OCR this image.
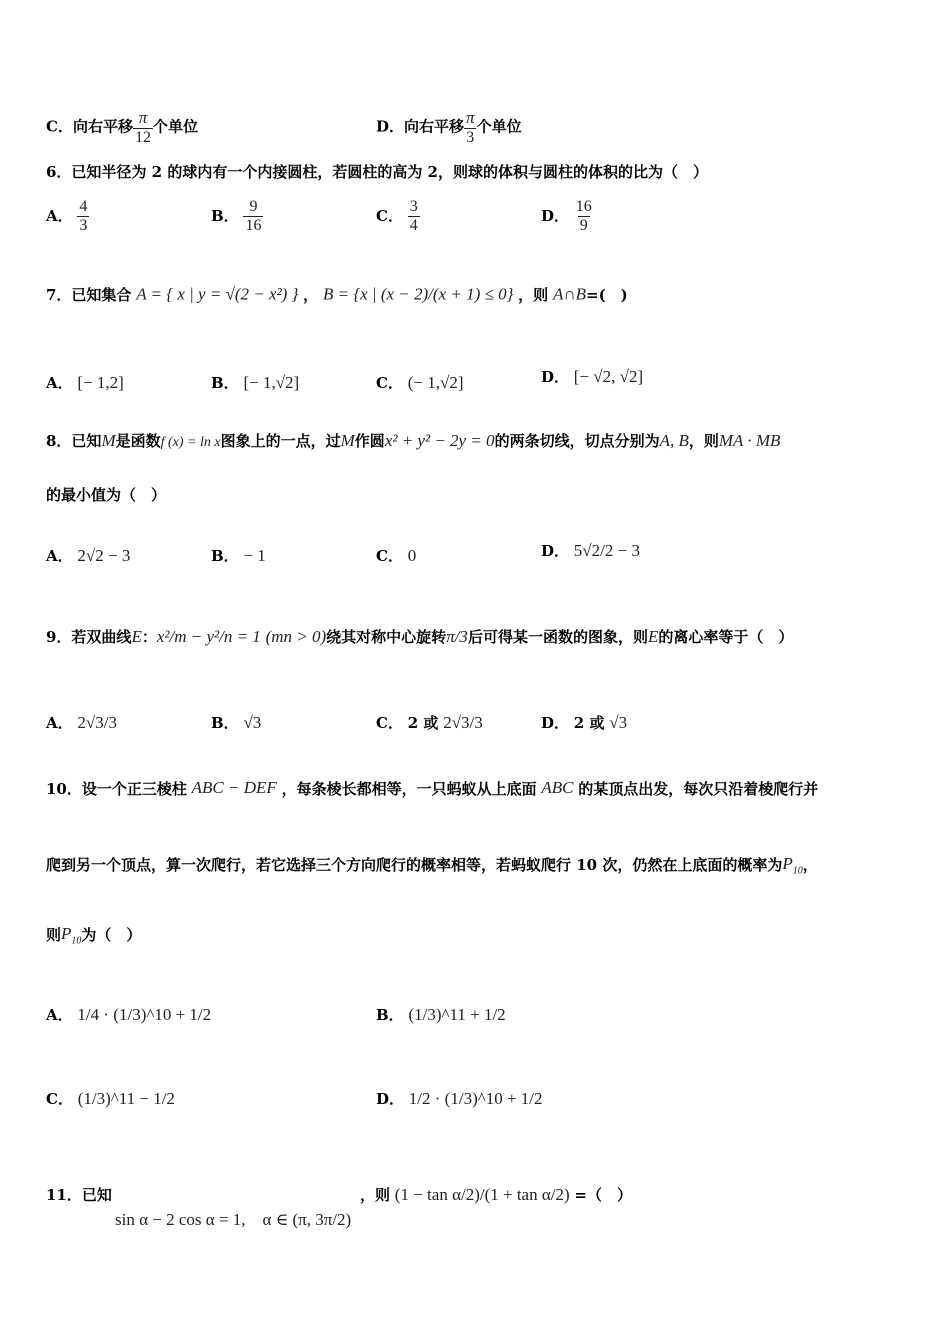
C．向右平移 $\frac{\pi}{12}$ 个单位	D．向右平移 $\frac{\pi}{3}$ 个单位
6．已知半径为 2 的球内有一个内接圆柱，若圆柱的高为 2，则球的体积与圆柱的体积的比为（　）
A． $\frac{4}{3}$	B． $\frac{9}{16}$	C． $\frac{3}{4}$	D． $\frac{16}{9}$
7．已知集合 A = { x | y = √(2 − x²) } ， B = {x | (x − 2)/(x + 1) ≤ 0} ，则 A∩B=(　)
A． [− 1,2]	B． [− 1,√2]	C． (− 1,√2]	D． [− √2, √2]
8．已知M是函数f (x) = ln x图象上的一点，过M作圆x² + y² − 2y = 0的两条切线，切点分别为A, B，则MA · MB
的最小值为（　）
A． 2√2 − 3	B． − 1	C． 0	D． 5√2/2 − 3
9．若双曲线E：x²/m − y²/n = 1 (mn > 0)绕其对称中心旋转π/3后可得某一函数的图象，则E的离心率等于（　）
A． 2√3/3	B． √3	C． 2 或 2√3/3	D． 2 或 √3
10．设一个正三棱柱 ABC − DEF ，每条棱长都相等，一只蚂蚁从上底面 ABC 的某顶点出发，每次只沿着棱爬行并
爬到另一个顶点，算一次爬行，若它选择三个方向爬行的概率相等，若蚂蚁爬行 10 次，仍然在上底面的概率为$P_{10}$，
则$P_{10}$为（　）
A． 1/4 · (1/3)^10 + 1/2	B． (1/3)^11 + 1/2
C． (1/3)^11 − 1/2	D． 1/2 · (1/3)^10 + 1/2
11．已知
sin α − 2 cos α = 1,　α ∈ (π, 3π/2)
，则 (1 − tan α/2)/(1 + tan α/2) =（　）
